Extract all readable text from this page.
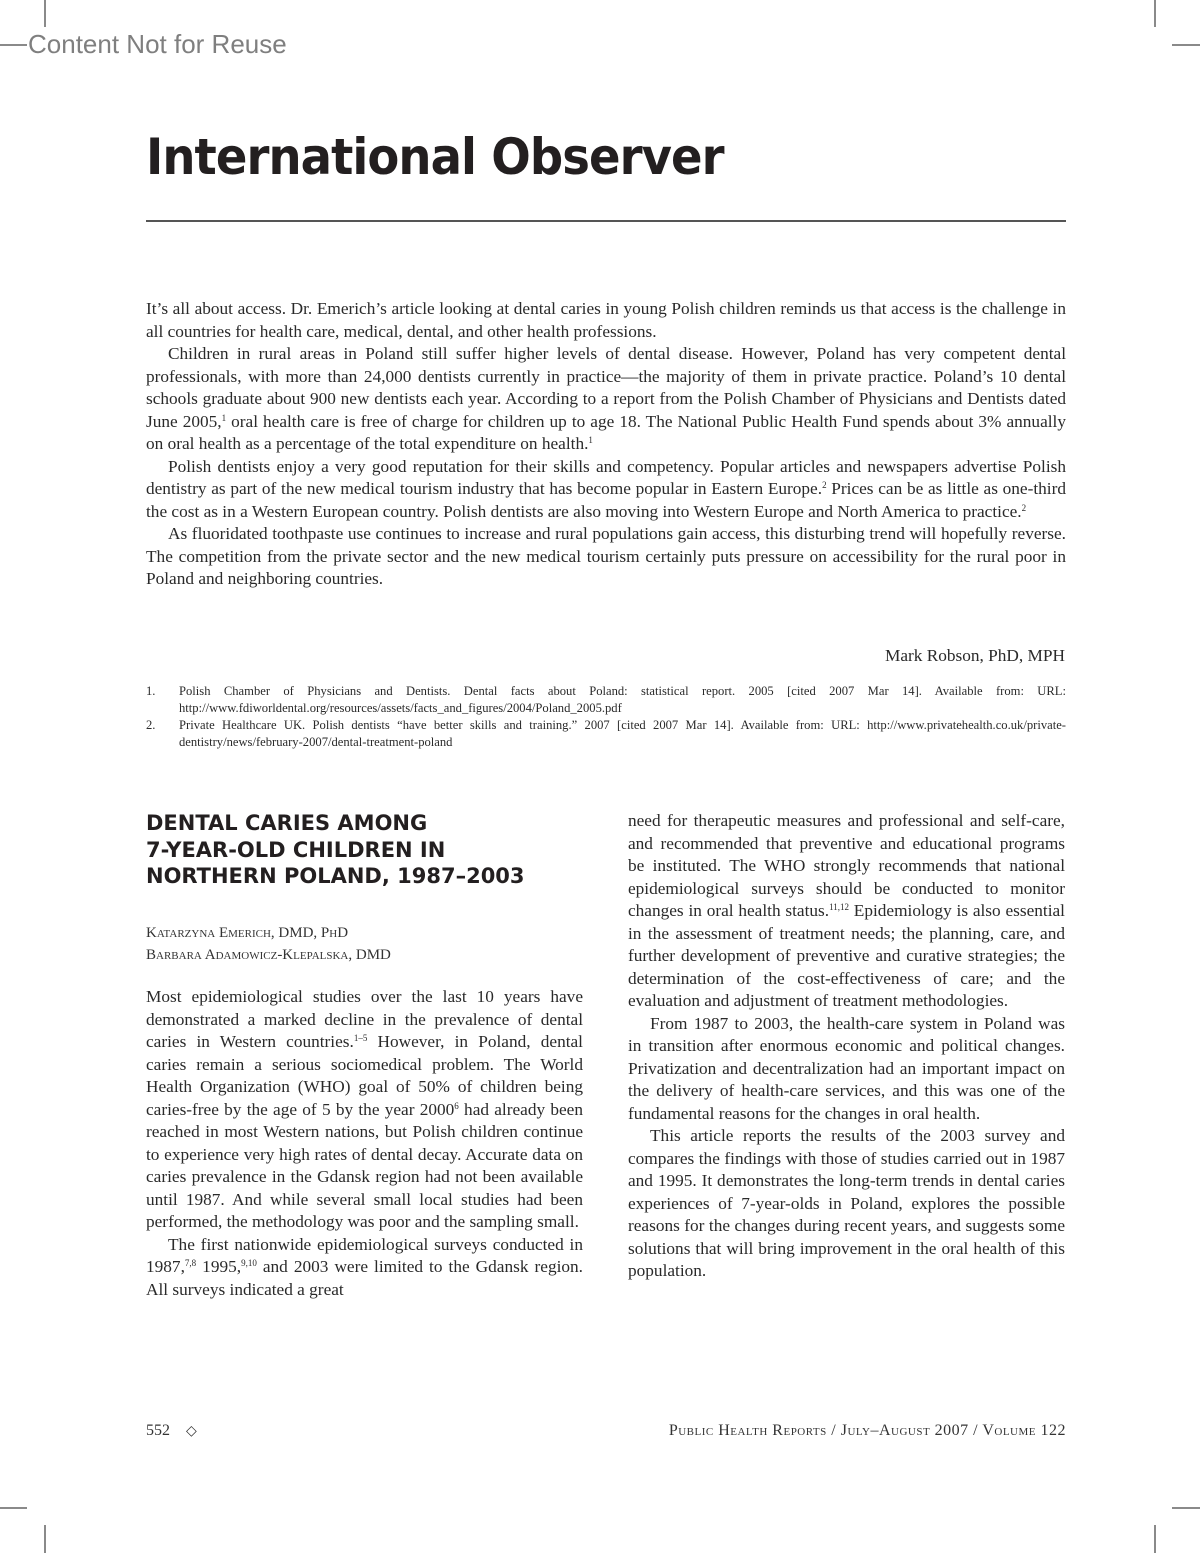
Content Not for Reuse
International Observer

It’s all about access. Dr. Emerich’s article looking at dental caries in young Polish children reminds us that access is the challenge in all countries for health care, medical, dental, and other health professions.

Children in rural areas in Poland still suffer higher levels of dental disease. However, Poland has very competent dental professionals, with more than 24,000 dentists currently in practice—the majority of them in private practice. Poland’s 10 dental schools graduate about 900 new dentists each year. According to a report from the Polish Chamber of Physicians and Dentists dated June 2005,$^1$ oral health care is free of charge for children up to age 18. The National Public Health Fund spends about 3% annually on oral health as a percentage of the total expenditure on health.$^1$

Polish dentists enjoy a very good reputation for their skills and competency. Popular articles and newspapers advertise Polish dentistry as part of the new medical tourism industry that has become popular in Eastern Europe.$^2$ Prices can be as little as one-third the cost as in a Western European country. Polish dentists are also moving into Western Europe and North America to practice.$^2$

As fluoridated toothpaste use continues to increase and rural populations gain access, this disturbing trend will hopefully reverse. The competition from the private sector and the new medical tourism certainly puts pressure on accessibility for the rural poor in Poland and neighboring countries.

Mark Robson, PhD, MPH
1.	Polish Chamber of Physicians and Dentists. Dental facts about Poland: statistical report. 2005 [cited 2007 Mar 14]. Available from: URL: http://www.fdiworldental.org/resources/assets/facts_and_figures/2004/Poland_2005.pdf
2.	Private Healthcare UK. Polish dentists “have better skills and training.” 2007 [cited 2007 Mar 14]. Available from: URL: http://www.privatehealth.co.uk/private-dentistry/news/february-2007/dental-treatment-poland
DENTAL CARIES AMONG
7-YEAR-OLD CHILDREN IN
NORTHERN POLAND, 1987–2003
Katarzyna Emerich, DMD, PhD
Barbara Adamowicz-Klepalska, DMD

Most epidemiological studies over the last 10 years have demonstrated a marked decline in the prevalence of dental caries in Western countries.$^{1-5}$ However, in Poland, dental caries remain a serious sociomedical problem. The World Health Organization (WHO) goal of 50% of children being caries-free by the age of 5 by the year 2000$^6$ had already been reached in most Western nations, but Polish children continue to experience very high rates of dental decay. Accurate data on caries prevalence in the Gdansk region had not been available until 1987. And while several small local studies had been performed, the methodology was poor and the sampling small.

The first nationwide epidemiological surveys conducted in 1987,$^{7,8}$ 1995,$^{9,10}$ and 2003 were limited to the Gdansk region. All surveys indicated a great

need for therapeutic measures and professional and self-care, and recommended that preventive and educational programs be instituted. The WHO strongly recommends that national epidemiological surveys should be conducted to monitor changes in oral health status.$^{11,12}$ Epidemiology is also essential in the assessment of treatment needs; the planning, care, and further development of preventive and curative strategies; the determination of the cost-effectiveness of care; and the evaluation and adjustment of treatment methodologies.

From 1987 to 2003, the health-care system in Poland was in transition after enormous economic and political changes. Privatization and decentralization had an important impact on the delivery of health-care services, and this was one of the fundamental reasons for the changes in oral health.

This article reports the results of the 2003 survey and compares the findings with those of studies carried out in 1987 and 1995. It demonstrates the long-term trends in dental caries experiences of 7-year-olds in Poland, explores the possible reasons for the changes during recent years, and suggests some solutions that will bring improvement in the oral health of this population.

552 ◇	Public Health Reports / July–August 2007 / Volume 122
